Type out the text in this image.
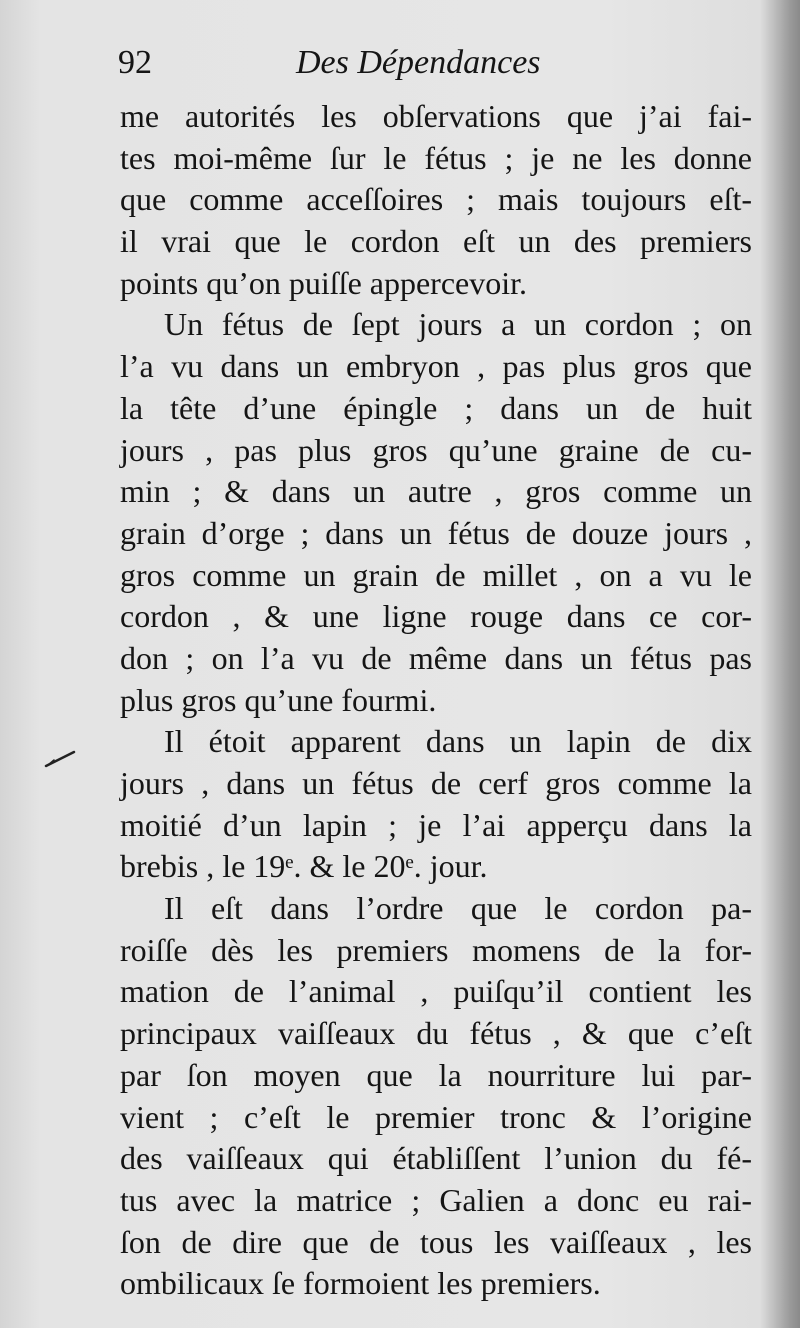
92	Des Dépendances
me autorités les obſervations que j’ai fai-
tes moi-même ſur le fétus ; je ne les donne
que comme acceſſoires ; mais toujours eſt-
il vrai que le cordon eſt un des premiers
points qu’on puiſſe appercevoir.
Un fétus de ſept jours a un cordon ; on
l’a vu dans un embryon , pas plus gros que
la tête d’une épingle ; dans un de huit
jours , pas plus gros qu’une graine de cu-
min ; & dans un autre , gros comme un
grain d’orge ; dans un fétus de douze jours ,
gros comme un grain de millet , on a vu le
cordon , & une ligne rouge dans ce cor-
don ; on l’a vu de même dans un fétus pas
plus gros qu’une fourmi.
Il étoit apparent dans un lapin de dix
jours , dans un fétus de cerf gros comme la
moitié d’un lapin ; je l’ai apperçu dans la
brebis , le 19ᵉ. & le 20ᵉ. jour.
Il eſt dans l’ordre que le cordon pa-
roiſſe dès les premiers momens de la for-
mation de l’animal , puiſqu’il contient les
principaux vaiſſeaux du fétus , & que c’eſt
par ſon moyen que la nourriture lui par-
vient ; c’eſt le premier tronc & l’origine
des vaiſſeaux qui établiſſent l’union du fé-
tus avec la matrice ; Galien a donc eu rai-
ſon de dire que de tous les vaiſſeaux , les
ombilicaux ſe formoient les premiers.
